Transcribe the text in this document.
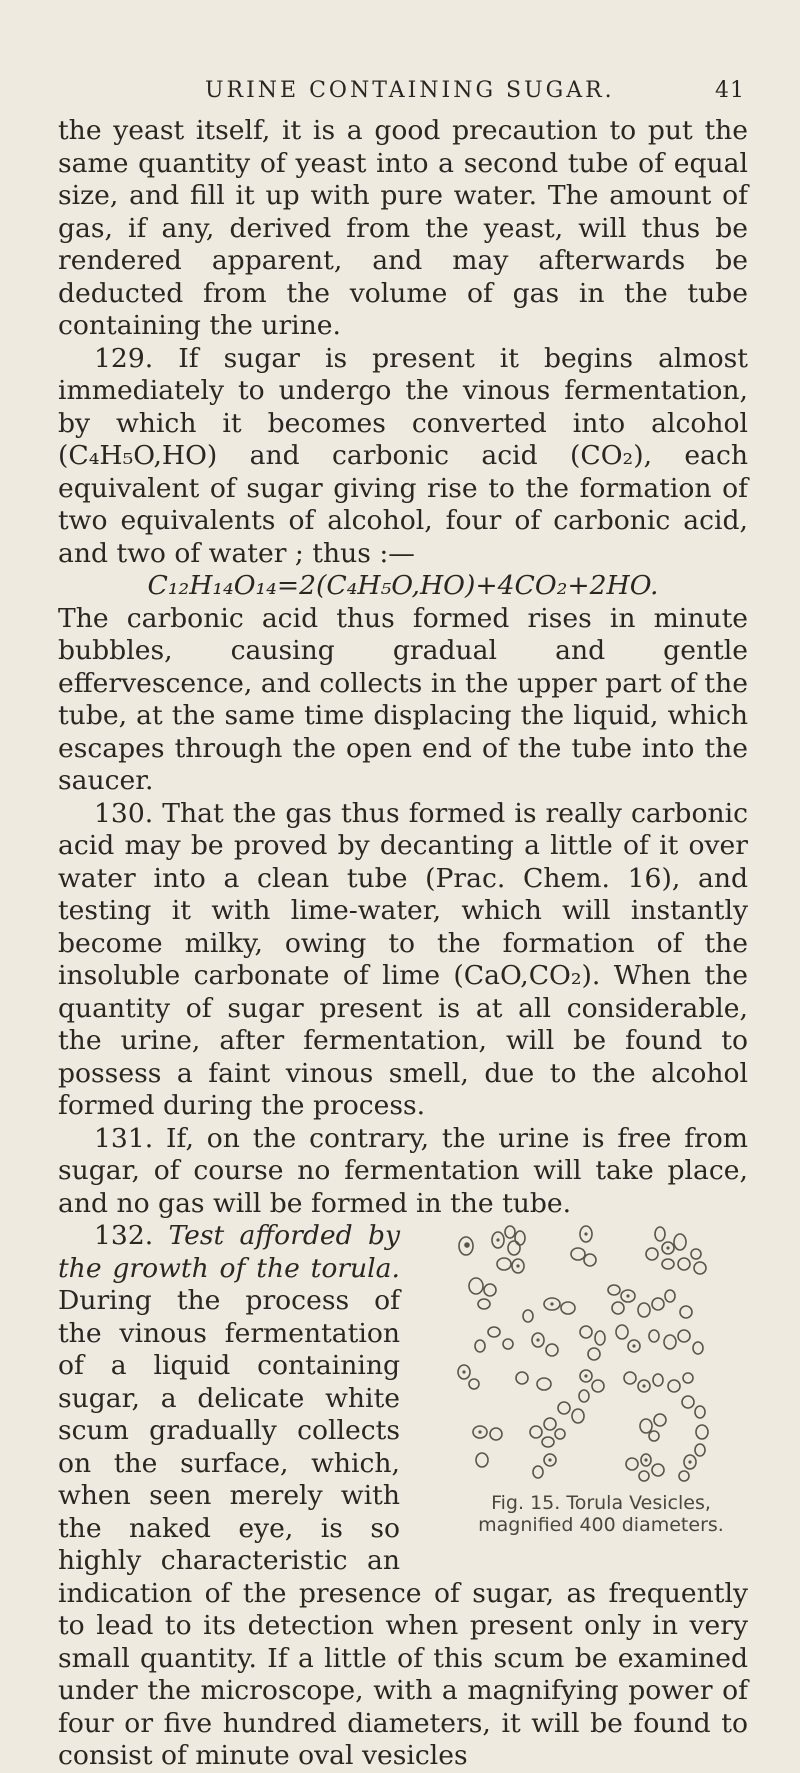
URINE CONTAINING SUGAR.	41

the yeast itself, it is a good precaution to put the same quantity of yeast into a second tube of equal size, and fill it up with pure water. The amount of gas, if any, derived from the yeast, will thus be rendered apparent, and may afterwards be deducted from the volume of gas in the tube containing the urine.

129. If sugar is present it begins almost immediately to undergo the vinous fermentation, by which it becomes converted into alcohol (C₄H₅O,HO) and carbonic acid (CO₂), each equivalent of sugar giving rise to the formation of two equivalents of alcohol, four of carbonic acid, and two of water ; thus :—

C₁₂H₁₄O₁₄=2(C₄H₅O,HO)+4CO₂+2HO.

The carbonic acid thus formed rises in minute bubbles, causing gradual and gentle effervescence, and collects in the upper part of the tube, at the same time displacing the liquid, which escapes through the open end of the tube into the saucer.

130. That the gas thus formed is really carbonic acid may be proved by decanting a little of it over water into a clean tube (Prac. Chem. 16), and testing it with lime-water, which will instantly become milky, owing to the formation of the insoluble carbonate of lime (CaO,CO₂). When the quantity of sugar present is at all considerable, the urine, after fermentation, will be found to possess a faint vinous smell, due to the alcohol formed during the process.

131. If, on the contrary, the urine is free from sugar, of course no fermentation will take place, and no gas will be formed in the tube.

Fig. 15. Torula Vesicles,
magnified 400 diameters.
132. Test afforded by the growth of the torula. During the process of the vinous fermentation of a liquid containing sugar, a delicate white scum gradually collects on the surface, which, when seen merely with the naked eye, is so highly characteristic an indication of the presence of sugar, as frequently to lead to its detection when present only in very small quantity. If a little of this scum be examined under the microscope, with a magnifying power of four or five hundred diameters, it will be found to consist of minute oval vesicles
